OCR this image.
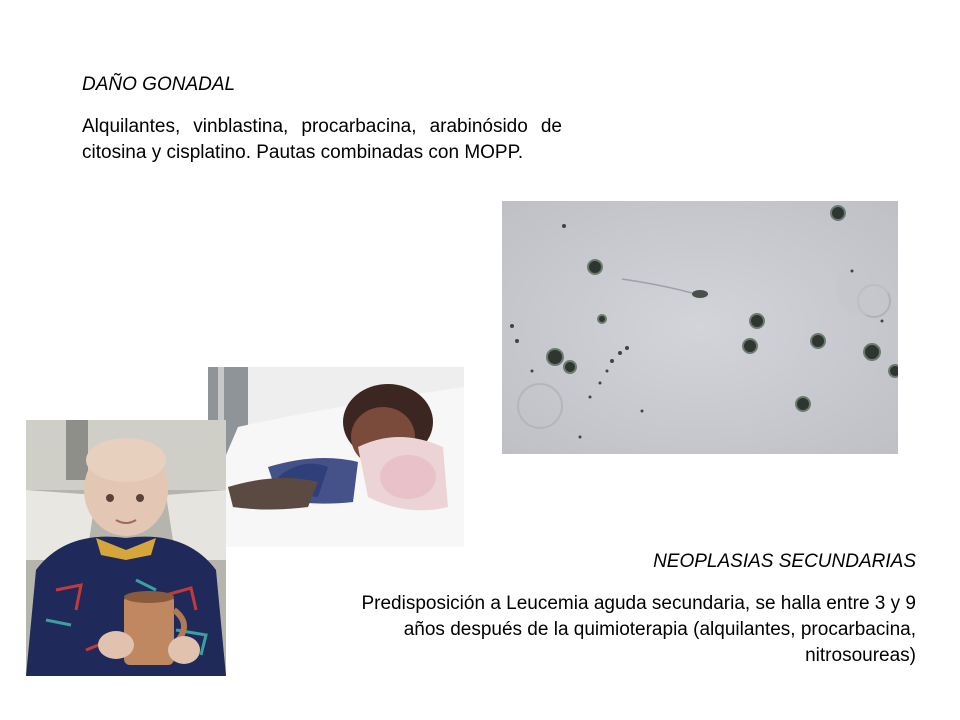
DAÑO GONADAL

Alquilantes, vinblastina, procarbacina, arabinósido de citosina y cisplatino. Pautas combinadas con MOPP.

NEOPLASIAS SECUNDARIAS

Predisposición a Leucemia aguda secundaria, se halla entre 3 y 9 años después de la quimioterapia (alquilantes, procarbacina, nitrosoureas)
